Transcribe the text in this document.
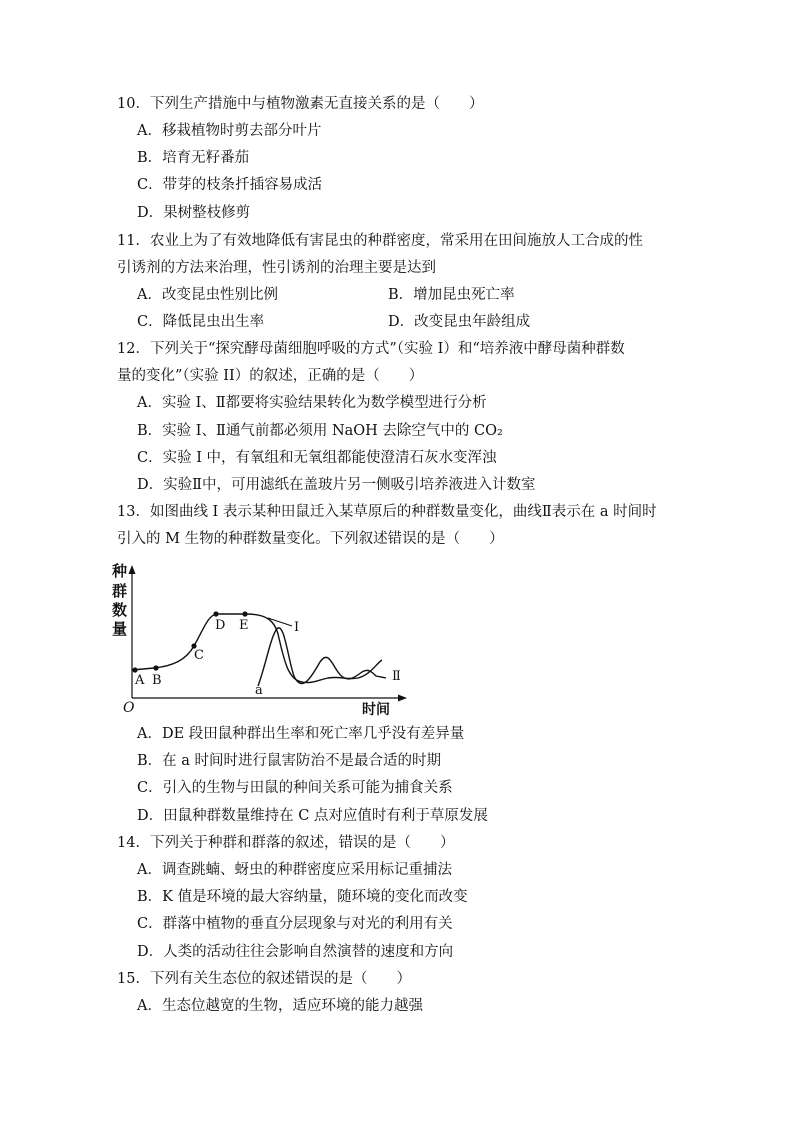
10．下列生产措施中与植物激素无直接关系的是（　　）
A．移栽植物时剪去部分叶片
B．培育无籽番茄
C．带芽的枝条扦插容易成活
D．果树整枝修剪
11．农业上为了有效地降低有害昆虫的种群密度，常采用在田间施放人工合成的性
引诱剂的方法来治理，性引诱剂的治理主要是达到
A．改变昆虫性别比例	B．增加昆虫死亡率
C．降低昆虫出生率	D．改变昆虫年龄组成
12．下列关于“探究酵母菌细胞呼吸的方式”（实验 I）和“培养液中酵母菌种群数
量的变化”（实验 II）的叙述，正确的是（　　）
A．实验 I、Ⅱ都要将实验结果转化为数学模型进行分析
B．实验 I、Ⅱ通气前都必须用 NaOH 去除空气中的 CO₂
C．实验 I 中，有氧组和无氧组都能使澄清石灰水变浑浊
D．实验Ⅱ中，可用滤纸在盖玻片另一侧吸引培养液进入计数室
13．如图曲线 I 表示某种田鼠迁入某草原后的种群数量变化，曲线Ⅱ表示在 a 时间时
引入的 M 生物的种群数量变化。下列叙述错误的是（　　）
种
群
数
量
O	时间
A B
C
D E	I
Ⅱ
a
A．DE 段田鼠种群出生率和死亡率几乎没有差异量
B．在 a 时间时进行鼠害防治不是最合适的时期
C．引入的生物与田鼠的种间关系可能为捕食关系
D．田鼠种群数量维持在 C 点对应值时有利于草原发展
14．下列关于种群和群落的叙述，错误的是（　　）
A．调查跳蝻、蚜虫的种群密度应采用标记重捕法
B．K 值是环境的最大容纳量，随环境的变化而改变
C．群落中植物的垂直分层现象与对光的利用有关
D．人类的活动往往会影响自然演替的速度和方向
15．下列有关生态位的叙述错误的是（　　）
A．生态位越宽的生物，适应环境的能力越强
